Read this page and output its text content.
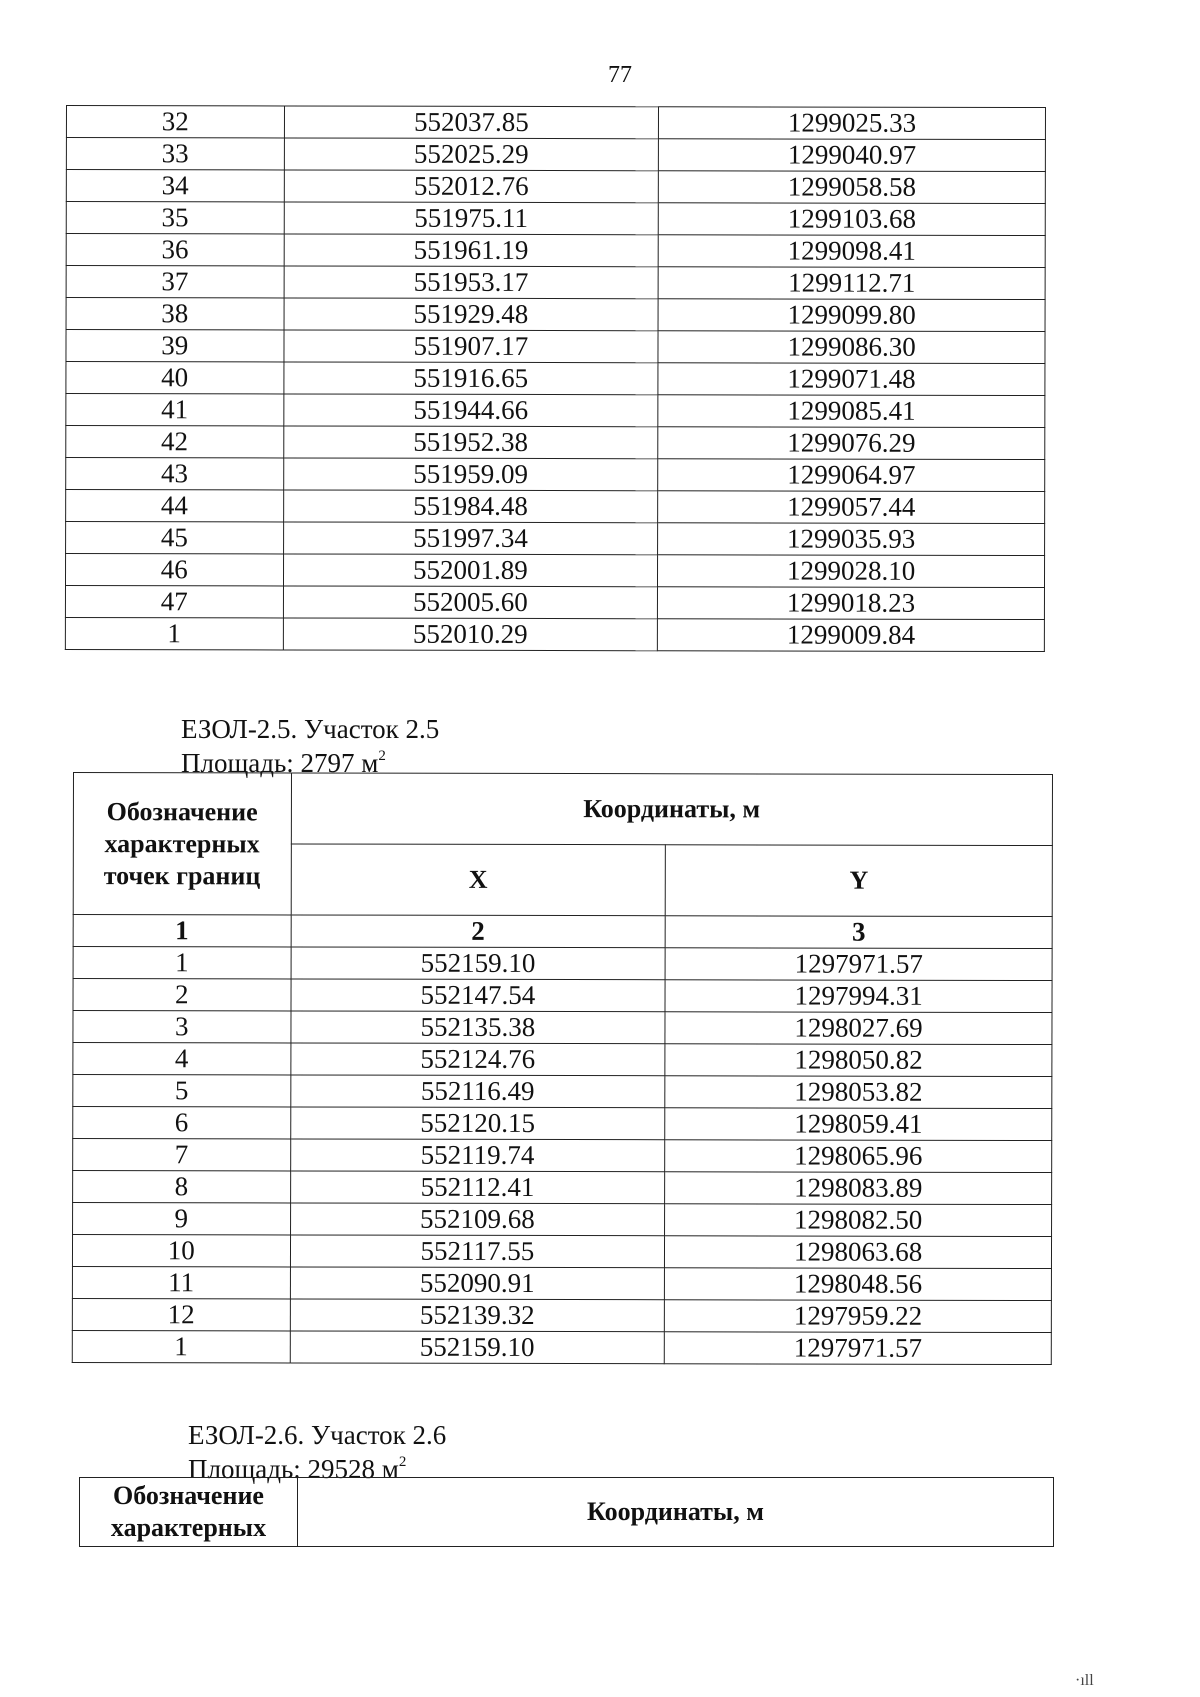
77
32	552037.85	1299025.33
33	552025.29	1299040.97
34	552012.76	1299058.58
35	551975.11	1299103.68
36	551961.19	1299098.41
37	551953.17	1299112.71
38	551929.48	1299099.80
39	551907.17	1299086.30
40	551916.65	1299071.48
41	551944.66	1299085.41
42	551952.38	1299076.29
43	551959.09	1299064.97
44	551984.48	1299057.44
45	551997.34	1299035.93
46	552001.89	1299028.10
47	552005.60	1299018.23
1	552010.29	1299009.84
ЕЗОЛ-2.5. Участок 2.5
Площадь: 2797 $м^2$
Обозначение характерных точек границ	Координаты, м	
	X	Y
1	2	3
1	552159.10	1297971.57
2	552147.54	1297994.31
3	552135.38	1298027.69
4	552124.76	1298050.82
5	552116.49	1298053.82
6	552120.15	1298059.41
7	552119.74	1298065.96
8	552112.41	1298083.89
9	552109.68	1298082.50
10	552117.55	1298063.68
11	552090.91	1298048.56
12	552139.32	1297959.22
1	552159.10	1297971.57
ЕЗОЛ-2.6. Участок 2.6
Площадь: 29528 $м^2$
Обозначение характерных	Координаты, м
·ıll
